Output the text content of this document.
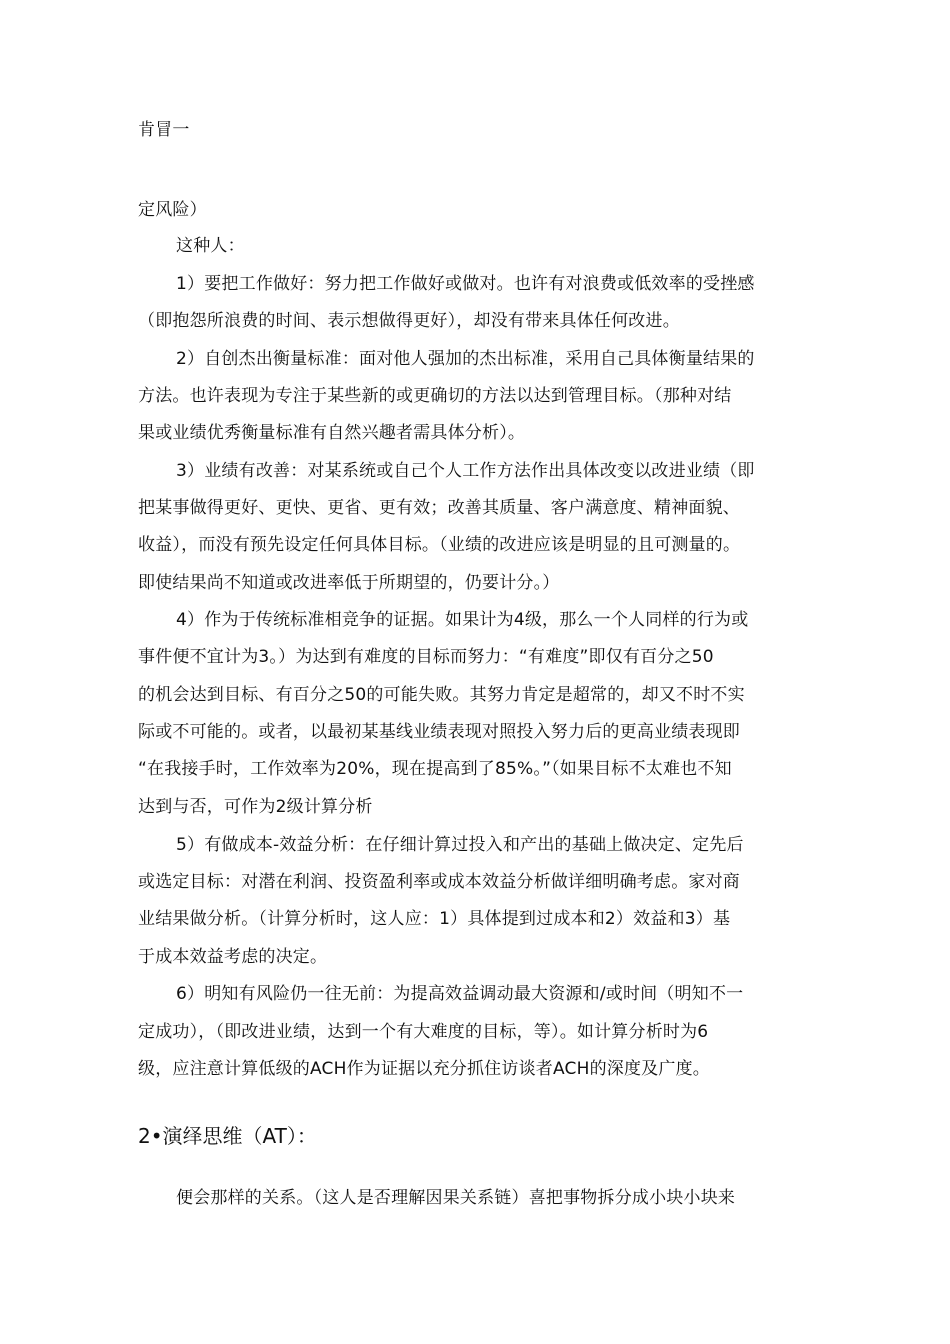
肯冒一
定风险）
这种人：
1）要把工作做好：努力把工作做好或做对。也许有对浪费或低效率的受挫感
（即抱怨所浪费的时间、表示想做得更好），却没有带来具体任何改进。
2）自创杰出衡量标准：面对他人强加的杰出标准，采用自己具体衡量结果的
方法。也许表现为专注于某些新的或更确切的方法以达到管理目标。（那种对结
果或业绩优秀衡量标准有自然兴趣者需具体分析）。
3）业绩有改善：对某系统或自己个人工作方法作出具体改变以改进业绩（即
把某事做得更好、更快、更省、更有效；改善其质量、客户满意度、精神面貌、
收益），而没有预先设定任何具体目标。（业绩的改进应该是明显的且可测量的。
即使结果尚不知道或改进率低于所期望的，仍要计分。）
4）作为于传统标准相竞争的证据。如果计为4级，那么一个人同样的行为或
事件便不宜计为3。）为达到有难度的目标而努力：“有难度”即仅有百分之50
的机会达到目标、有百分之50的可能失败。其努力肯定是超常的，却又不时不实
际或不可能的。或者，以最初某基线业绩表现对照投入努力后的更高业绩表现即
“在我接手时，工作效率为20%，现在提高到了85%。”（如果目标不太难也不知
达到与否，可作为2级计算分析
5）有做成本-效益分析：在仔细计算过投入和产出的基础上做决定、定先后
或选定目标：对潜在利润、投资盈利率或成本效益分析做详细明确考虑。家对商
业结果做分析。（计算分析时，这人应：1）具体提到过成本和2）效益和3）基
于成本效益考虑的决定。
6）明知有风险仍一往无前：为提高效益调动最大资源和/或时间（明知不一
定成功），（即改进业绩，达到一个有大难度的目标，等）。如计算分析时为6
级，应注意计算低级的ACH作为证据以充分抓住访谈者ACH的深度及广度。
2•演绎思维（AT）：
便会那样的关系。（这人是否理解因果关系链）喜把事物拆分成小块小块来
